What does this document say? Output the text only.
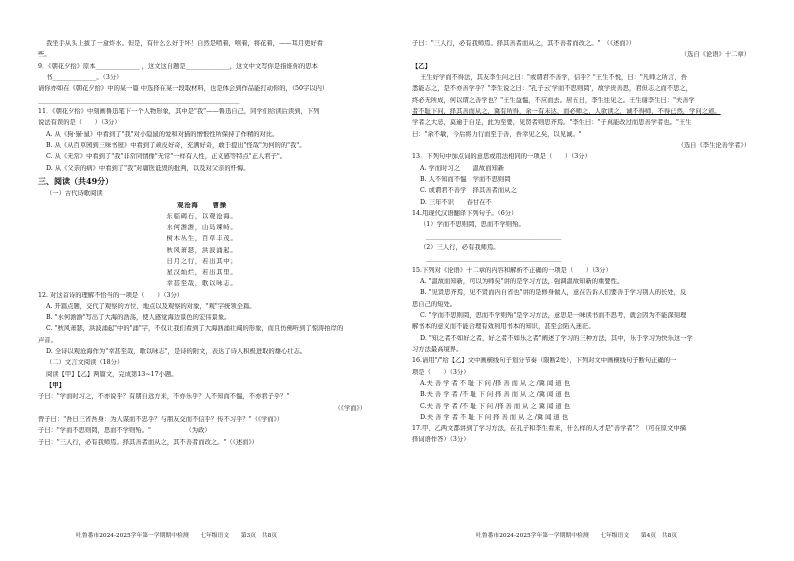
我坐手从头上拔了一盒炸水。但是，有什么么好于坏！自然是啃着，嘻着，将花着，——耳月更好看

些。

9．《朝花夕拾》原本______________ ，这文这自题是______________，这文中文写你是指谁你的思本

书______________。（3分）

请你亦如在《朝花夕拾》中的某一篇 中选择在某一段取材料，也是体会到作品能打动你的，（50字以内）

________________________________________________________________

11．《朝花夕拾》中刻画鲁迅笔下一个人物形象，其中是"我"——鲁迅自己，同学们给读后读到，下列

说法有误的是（　　）（3分）

A. 从《狗·猫·鼠》中看到了"我"对小隐鼠的爱和对猫的憎恨性所保持了作精的对比。

B. 从《从百草园到三味书屋》中看到了顽皮好奇，充满好奇，敢于提出"怪哉"为何的的"我"。

C. 从《无常》中看到了"我"非常同情像"无常"一样有人性，正义感等特点"正人君子"。

D. 从《父亲的病》中看到了"我"对庸医诋毁的批判，以及对父亲的忏悔。

三、阅读（共49分）

（一）古代诗歌阅读

观沧海　　曹操

东临碣石，以观沧海。

水何澹澹，山岛竦峙。

树木丛生，百草丰茂。

秋风萧瑟，洪波涌起。

日月之行，若出其中；

星汉灿烂，若出其里。

幸甚至哉，歌以咏志。

12. 对这首诗的理解不恰当的一项是（　　）（3分）

A. 开篇点题，交代了观察的方位、地点以及观察的对象，"观"字统领全篇。

B. "水何澹澹"写出了大海的浩荡，使人感觉海边景色的宏伟景象。

C. "秋风萧瑟，洪波涌起"中的"涌"字，不仅让我们看到了大海汹涌壮阔的形象，而且仿佛听到了惊涛拍岸的

声音。

D. 全诗以观沧海作为"幸甚至哉，歌以咏志"，是诗的附文，表达了诗人积极进取的雄心壮志。

（二）文言文阅读（18分）

阅读【甲】【乙】两篇文，完成第13~17小题。

【甲】

子曰："学而时习之，不亦说乎？有朋自远方来，不亦乐乎？人不知而不愠，不亦君子乎？"

（《学而》）

曾子曰："吾日三省吾身：为人谋而不忠乎？与朋友交而不信乎？传不习乎？"（《学而》）

子曰："学而不思则罔，思而不学则殆。"　　　　　　（为政）

子曰："三人行，必有我师焉。择其善者而从之，其不善者而改之。"（《述而》）

子曰："三人行，必有我师焉。择其善者而从之，其不善者而改之。"　（《述而》）

（选自《论语》十二章）

【乙】

王生好学而不得法，其友李生问之曰："或谓君不善学，信乎？"王生不悦，曰："凡师之所言，吾

悉能志之，是不亦善学乎？"李生说之曰："孔子云'学而不思则罔'，故学贵善思，君但志之而不思之，

终必无所成，何以谓之善学也？"王生益愠，不应而去。居五日，李生往见之。王生谢李生曰："夫善学

者不耻下问，择其善而从之，冀有所得，余一有未达，而必师之，人欲读之，诚不得师，不得已然，学问之道。

学者之大忌，莫逾于自足，此为至要，见贤者则思齐焉。"李生曰："子真能改过而思善学者也。"王生

曰："余不敏，今后将力行而至于善，吾幸见之矣，以见诚。"

（选自《李生论善学者》）

13．下列句中加点词的意思或用法相同的一项是（　　）（3分）

A. 学而时习之　　温故而知新

B. 人不知而不愠　学而不思则罔

C. 或谓君不善学　择其善者而从之

D. 三年不识　　春甘在不

14.用现代汉语翻译下列句子。（6分）

（1）学而不思则罔，思而不学则殆。

___________________________________________

（2）三人行，必有我师焉。

___________________________________________

15.下列对《论语》十二章的内容和解析不正确的一项是（　　）（3分）

A. "温故而知新，可以为师矣"讲的是学习方法，强调温故知新的重要性。

B. "见贤思齐焉，见不贤而内自省也"讲的是修身做人，意在告诉人们要善于学习别人的长处，反

思自己的短处。

C. "学而不思则罔，思而不学则殆"是学习方法，意思是一味读书而不思考，就会因为不能深刻理

解书本的意义而不能合理有效利用书本的知识，甚至会陷入迷茫。

D. "知之者不如好之者，好之者不如乐之者"阐述了学习的三种方法，其中，乐于学习为快乐这一学

习方法最高境界。

16.请用"/"给【乙】文中画横线句子划分节奏（限断2处），下列对文中画横线句子断句正确的一

项是（　　）（3分）

A.夫 善 学 者 不 耻 下 问 /择 善 而 从 之 /冀 闻 道 也

B.夫 善 学 者 /不 耻 下 问 择 善 而 从 之 /冀 闻 道 也

C.夫 善 学 者 /不 耻 下 问 /择 善 而 从 之 冀 闻 道 也

D.夫 善 学 者 不 耻 下 问 择 善 而 从 之 /冀 闻 道 也

17.甲、乙两文都讲到了学习方法，在孔子和李生看来，什么样的人才是"善学者"？（可在原文中摘

择词语作答）（3分）

吐鲁番市2024-2025学年第一学期期中检测　　七年级语文　　第3页　共8页	吐鲁番市2024-2025学年第一学期期中检测　　七年级语文　　第4页　共8页
